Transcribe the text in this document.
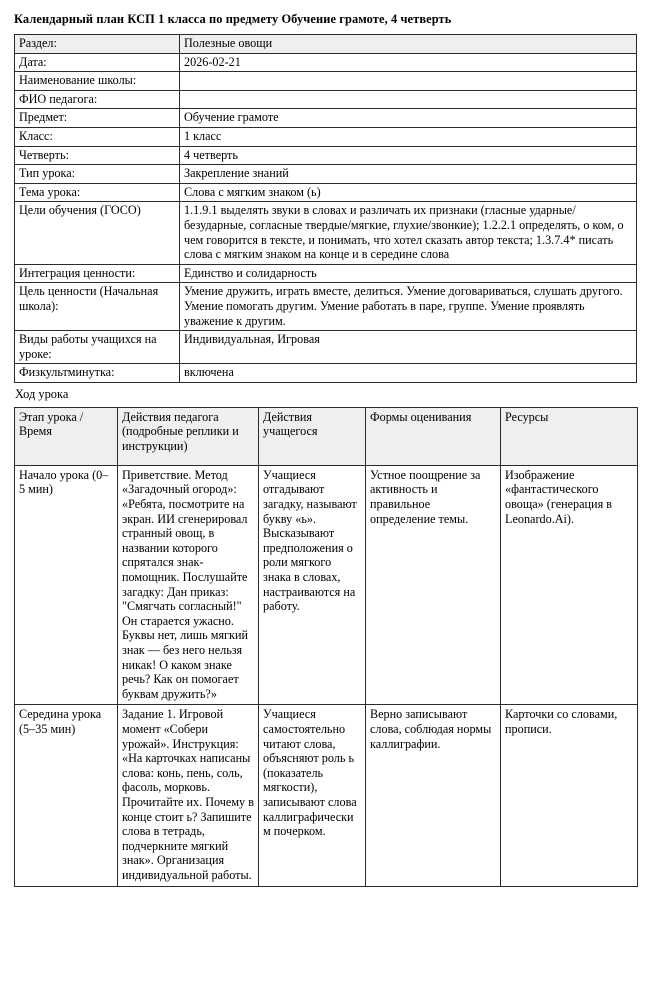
Календарный план КСП 1 класса по предмету Обучение грамоте, 4 четверть
Раздел:	Полезные овощи
Дата:	2026-02-21
Наименование школы:	
ФИО педагога:	
Предмет:	Обучение грамоте
Класс:	1 класс
Четверть:	4 четверть
Тип урока:	Закрепление знаний
Тема урока:	Слова с мягким знаком (ь)
Цели обучения (ГОСО)	1.1.9.1 выделять звуки в словах и различать их признаки (гласные ударные/безударные, согласные твердые/мягкие, глухие/звонкие); 1.2.2.1 определять, о ком, о чем говорится в тексте, и понимать, что хотел сказать автор текста; 1.3.7.4* писать слова с мягким знаком на конце и в середине слова
Интеграция ценности:	Единство и солидарность
Цель ценности (Начальная школа):	Умение дружить, играть вместе, делиться. Умение договариваться, слушать другого. Умение помогать другим. Умение работать в паре, группе. Умение проявлять уважение к другим.
Виды работы учащихся на уроке:	Индивидуальная, Игровая
Физкультминутка:	включена
Ход урока
Этап урока / Время	Действия педагога (подробные реплики и инструкции)	Действия учащегося	Формы оценивания	Ресурсы
Начало урока (0–5 мин)	Приветствие. Метод «Загадочный огород»: «Ребята, посмотрите на экран. ИИ сгенерировал странный овощ, в названии которого спрятался знак-помощник. Послушайте загадку: Дан приказ: "Смягчать согласный!" Он старается ужасно. Буквы нет, лишь мягкий знак — без него нельзя никак! О каком знаке речь? Как он помогает буквам дружить?»	Учащиеся отгадывают загадку, называют букву «ь». Высказывают предположения о роли мягкого знака в словах, настраиваются на работу.	Устное поощрение за активность и правильное определение темы.	Изображение «фантастического овоща» (генерация в Leonardo.Ai).
Середина урока (5–35 мин)	Задание 1. Игровой момент «Собери урожай». Инструкция: «На карточках написаны слова: конь, пень, соль, фасоль, морковь. Прочитайте их. Почему в конце стоит ь? Запишите слова в тетрадь, подчеркните мягкий знак». Организация индивидуальной работы.	Учащиеся самостоятельно читают слова, объясняют роль ь (показатель мягкости), записывают слова каллиграфическим почерком.	Верно записывают слова, соблюдая нормы каллиграфии.	Карточки со словами, прописи.
